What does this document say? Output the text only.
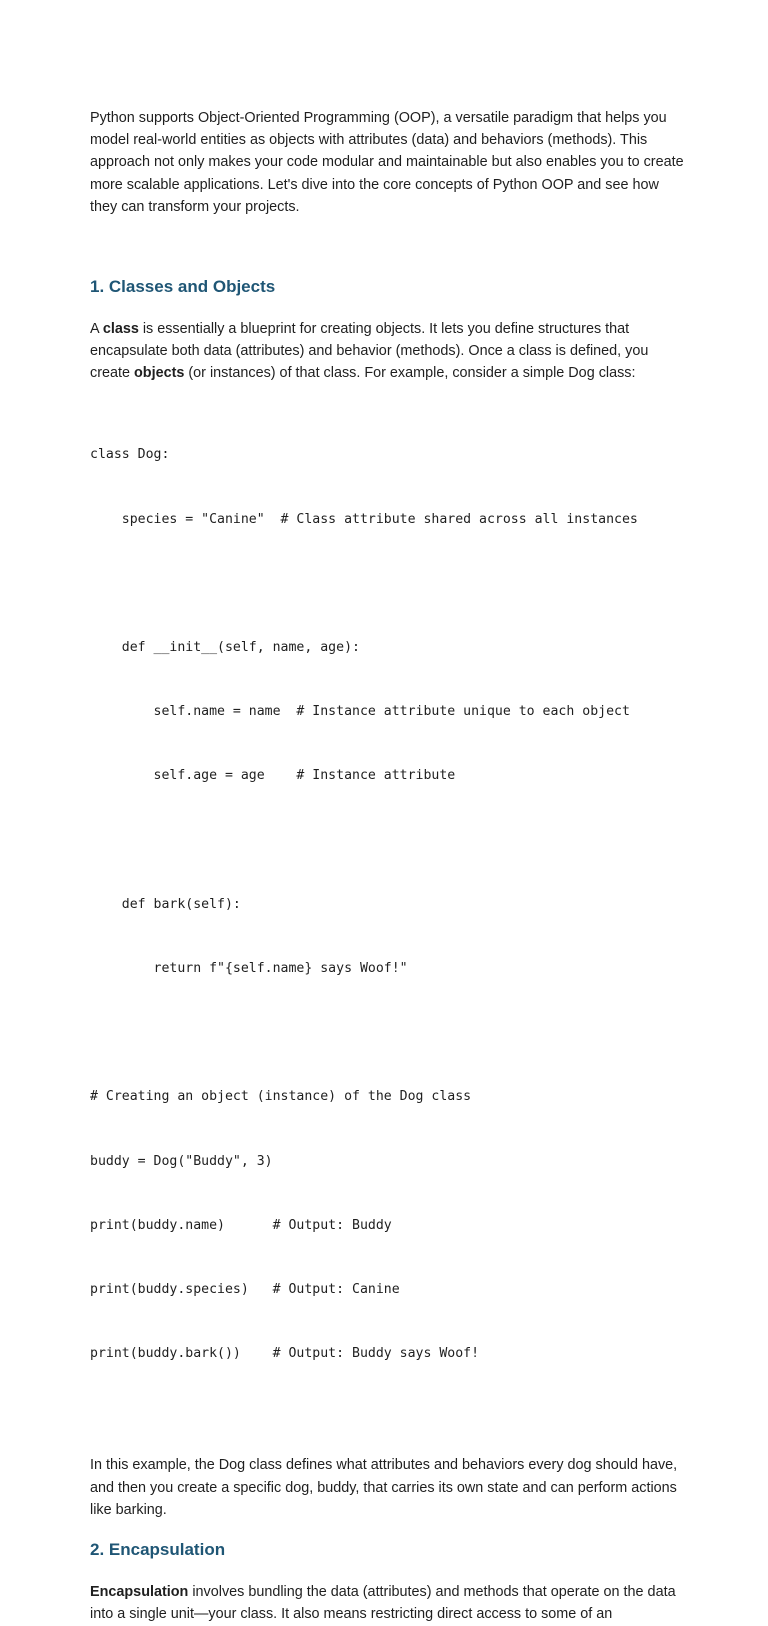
Python supports Object-Oriented Programming (OOP), a versatile paradigm that helps you model real-world entities as objects with attributes (data) and behaviors (methods). This approach not only makes your code modular and maintainable but also enables you to create more scalable applications. Let's dive into the core concepts of Python OOP and see how they can transform your projects.

1. Classes and Objects

A class is essentially a blueprint for creating objects. It lets you define structures that encapsulate both data (attributes) and behavior (methods). Once a class is defined, you create objects (or instances) of that class. For example, consider a simple Dog class:

class Dog:

species = "Canine"  # Class attribute shared across all instances

def __init__(self, name, age):

self.name = name  # Instance attribute unique to each object

self.age = age    # Instance attribute

def bark(self):

return f"{self.name} says Woof!"

# Creating an object (instance) of the Dog class

buddy = Dog("Buddy", 3)

print(buddy.name)      # Output: Buddy

print(buddy.species)   # Output: Canine

print(buddy.bark())    # Output: Buddy says Woof!

In this example, the Dog class defines what attributes and behaviors every dog should have, and then you create a specific dog, buddy, that carries its own state and can perform actions like barking.

2. Encapsulation

Encapsulation involves bundling the data (attributes) and methods that operate on the data into a single unit—your class. It also means restricting direct access to some of an
